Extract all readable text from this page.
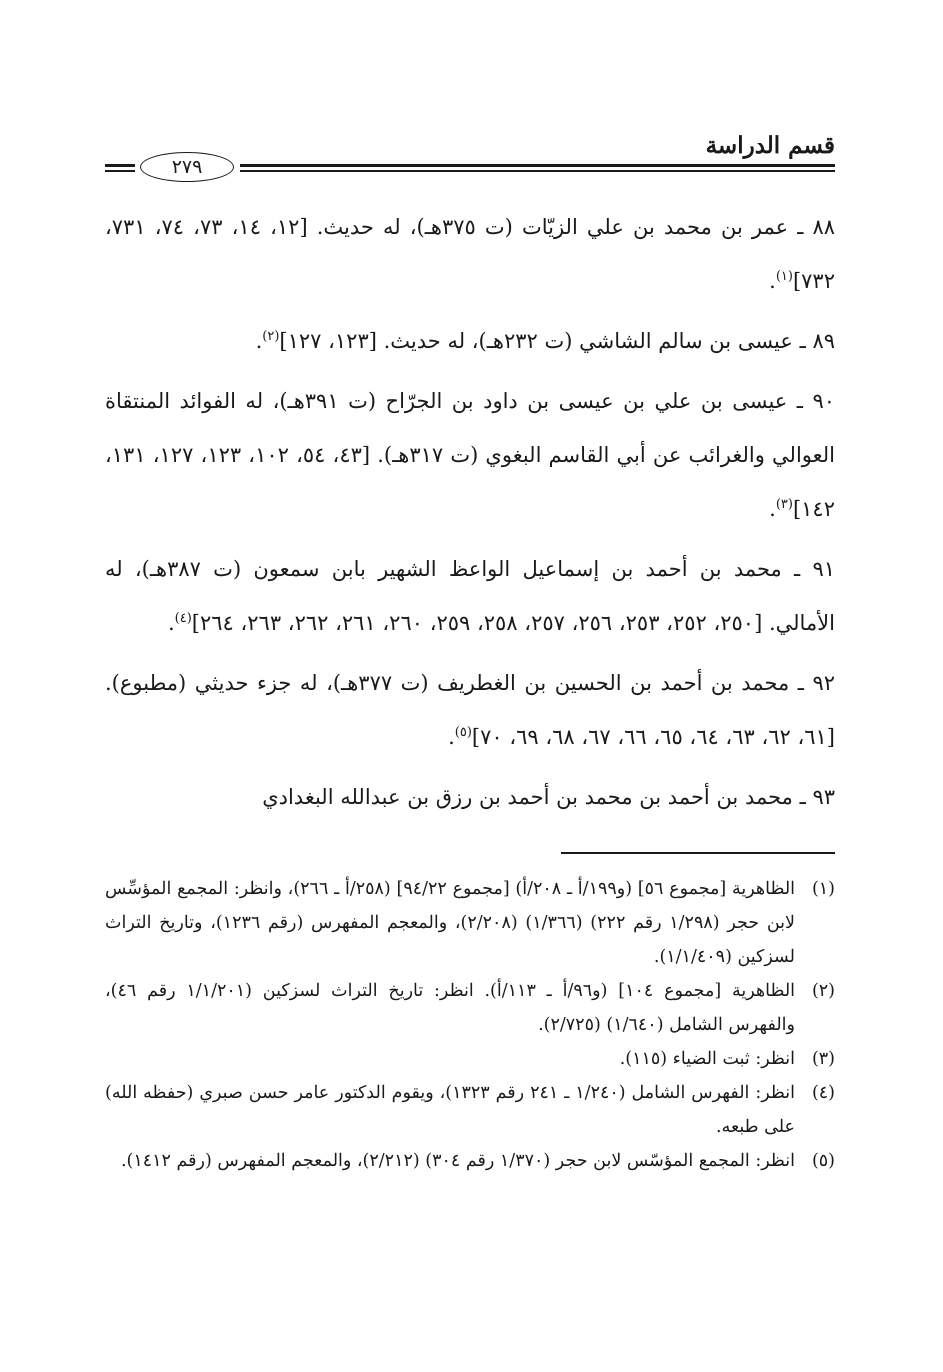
قسم الدراسة
٢٧٩

٨٨ ـ عمر بن محمد بن علي الزيّات (ت ٣٧٥هـ)، له حديث. [١٢، ١٤، ٧٣، ٧٤، ٧٣١، ٧٣٢]$^{(١)}$.

٨٩ ـ عيسى بن سالم الشاشي (ت ٢٣٢هـ)، له حديث. [١٢٣، ١٢٧]$^{(٢)}$.

٩٠ ـ عيسى بن علي بن عيسى بن داود بن الجرّاح (ت ٣٩١هـ)، له الفوائد المنتقاة العوالي والغرائب عن أبي القاسم البغوي (ت ٣١٧هـ). [٤٣، ٥٤، ١٠٢، ١٢٣، ١٢٧، ١٣١، ١٤٢]$^{(٣)}$.

٩١ ـ محمد بن أحمد بن إسماعيل الواعظ الشهير بابن سمعون (ت ٣٨٧هـ)، له الأمالي. [٢٥٠، ٢٥٢، ٢٥٣، ٢٥٦، ٢٥٧، ٢٥٨، ٢٥٩، ٢٦٠، ٢٦١، ٢٦٢، ٢٦٣، ٢٦٤]$^{(٤)}$.

٩٢ ـ محمد بن أحمد بن الحسين بن الغطريف (ت ٣٧٧هـ)، له جزء حديثي (مطبوع). [٦١، ٦٢، ٦٣، ٦٤، ٦٥، ٦٦، ٦٧، ٦٨، ٦٩، ٧٠]$^{(٥)}$.

٩٣ ـ محمد بن أحمد بن محمد بن أحمد بن رزق بن عبدالله البغدادي

(١)
الظاهرية [مجموع ٥٦] (و١٩٩/أ ـ ٢٠٨/أ) [مجموع ٩٤/٢٢] (٢٥٨/أ ـ ٢٦٦)، وانظر: المجمع المؤسِّس لابن حجر (١/٢٩٨ رقم ٢٢٢) (١/٣٦٦) (٢/٢٠٨)، والمعجم المفهرس (رقم ١٢٣٦)، وتاريخ التراث لسزكين (١/١/٤٠٩).
(٢)
الظاهرية [مجموع ١٠٤] (و٩٦/أ ـ ١١٣/أ). انظر: تاريخ التراث لسزكين (١/١/٢٠١ رقم ٤٦)، والفهرس الشامل (١/٦٤٠) (٢/٧٢٥).
(٣)
انظر: ثبت الضياء (١١٥).
(٤)
انظر: الفهرس الشامل (١/٢٤٠ ـ ٢٤١ رقم ١٣٢٣)، ويقوم الدكتور عامر حسن صبري (حفظه الله) على طبعه.
(٥)
انظر: المجمع المؤسّس لابن حجر (١/٣٧٠ رقم ٣٠٤) (٢/٢١٢)، والمعجم المفهرس (رقم ١٤١٢).
